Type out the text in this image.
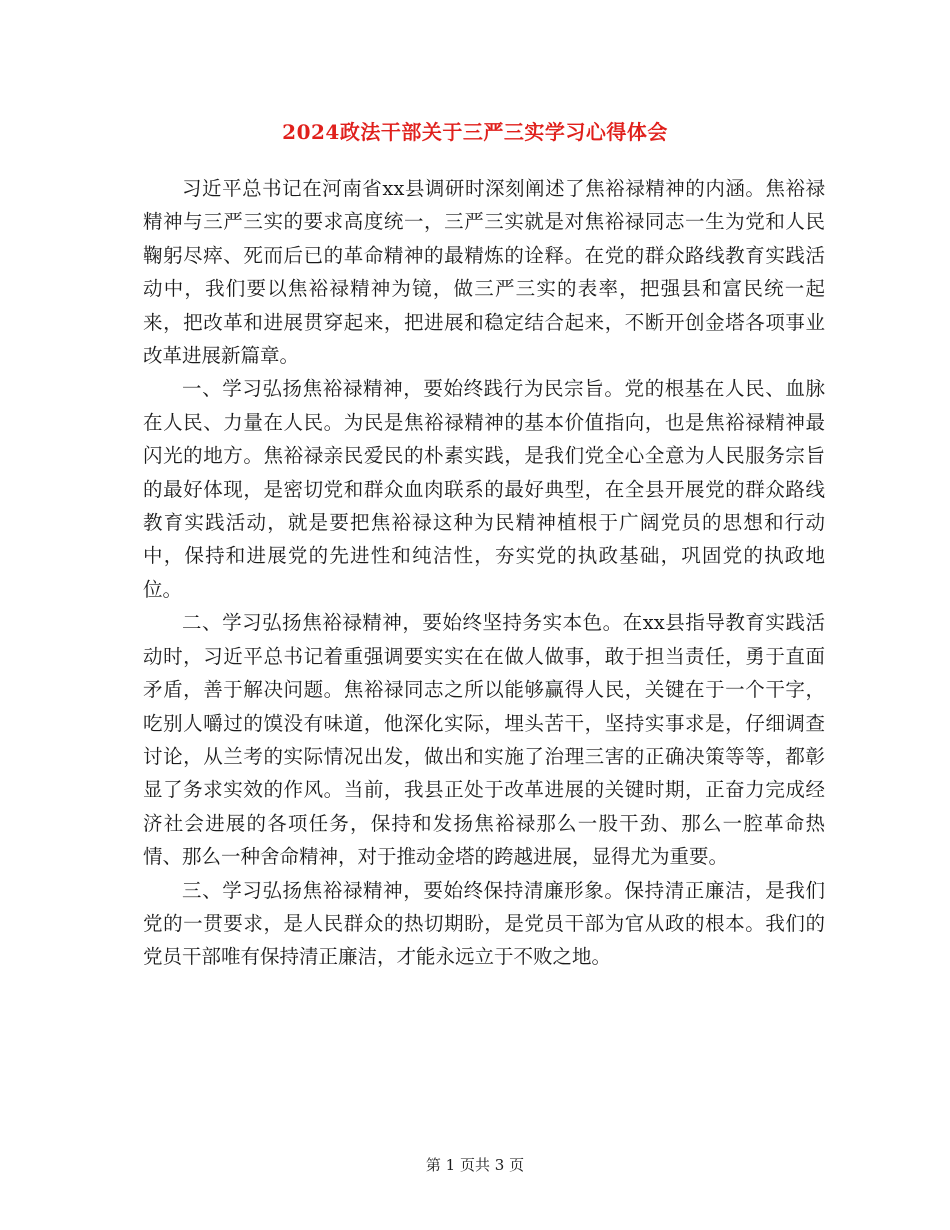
2024政法干部关于三严三实学习心得体会

习近平总书记在河南省xx县调研时深刻阐述了焦裕禄精神的内涵。焦裕禄精神与三严三实的要求高度统一，三严三实就是对焦裕禄同志一生为党和人民鞠躬尽瘁、死而后已的革命精神的最精炼的诠释。在党的群众路线教育实践活动中，我们要以焦裕禄精神为镜，做三严三实的表率，把强县和富民统一起来，把改革和进展贯穿起来，把进展和稳定结合起来，不断开创金塔各项事业改革进展新篇章。

一、学习弘扬焦裕禄精神，要始终践行为民宗旨。党的根基在人民、血脉在人民、力量在人民。为民是焦裕禄精神的基本价值指向，也是焦裕禄精神最闪光的地方。焦裕禄亲民爱民的朴素实践，是我们党全心全意为人民服务宗旨的最好体现，是密切党和群众血肉联系的最好典型，在全县开展党的群众路线教育实践活动，就是要把焦裕禄这种为民精神植根于广阔党员的思想和行动中，保持和进展党的先进性和纯洁性，夯实党的执政基础，巩固党的执政地位。

二、学习弘扬焦裕禄精神，要始终坚持务实本色。在xx县指导教育实践活动时，习近平总书记着重强调要实实在在做人做事，敢于担当责任，勇于直面矛盾，善于解决问题。焦裕禄同志之所以能够赢得人民，关键在于一个干字，吃别人嚼过的馍没有味道，他深化实际，埋头苦干，坚持实事求是，仔细调查讨论，从兰考的实际情况出发，做出和实施了治理三害的正确决策等等，都彰显了务求实效的作风。当前，我县正处于改革进展的关键时期，正奋力完成经济社会进展的各项任务，保持和发扬焦裕禄那么一股干劲、那么一腔革命热情、那么一种舍命精神，对于推动金塔的跨越进展，显得尤为重要。

三、学习弘扬焦裕禄精神，要始终保持清廉形象。保持清正廉洁，是我们党的一贯要求，是人民群众的热切期盼，是党员干部为官从政的根本。我们的党员干部唯有保持清正廉洁，才能永远立于不败之地。

第 1 页共 3 页
